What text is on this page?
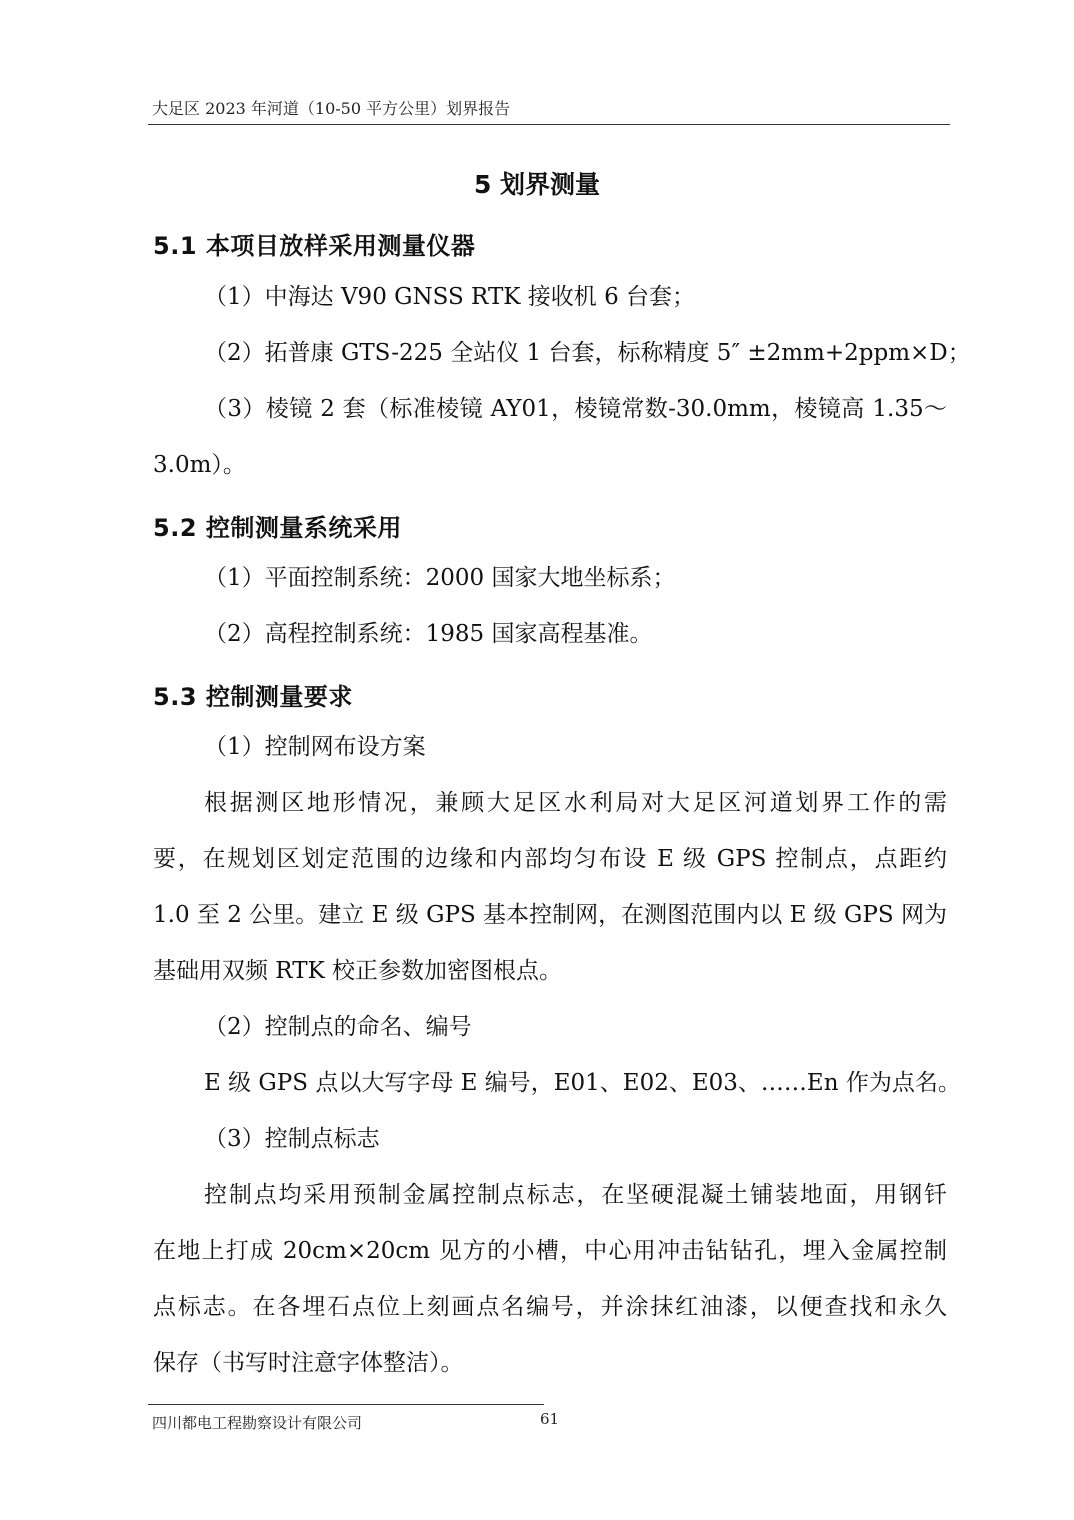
大足区 2023 年河道（10-50 平方公里）划界报告
5 划界测量
5.1 本项目放样采用测量仪器
（1）中海达 V90 GNSS RTK 接收机 6 台套；
（2）拓普康 GTS-225 全站仪 1 台套，标称精度 5″ ±2mm+2ppm×D；
（3）棱镜 2 套（标准棱镜 AY01，棱镜常数-30.0mm，棱镜高 1.35～
3.0m）。
5.2 控制测量系统采用
（1）平面控制系统：2000 国家大地坐标系；
（2）高程控制系统：1985 国家高程基准。
5.3 控制测量要求
（1）控制网布设方案
根据测区地形情况，兼顾大足区水利局对大足区河道划界工作的需
要，在规划区划定范围的边缘和内部均匀布设 E 级 GPS 控制点，点距约
1.0 至 2 公里。建立 E 级 GPS 基本控制网，在测图范围内以 E 级 GPS 网为
基础用双频 RTK 校正参数加密图根点。
（2）控制点的命名、编号
E 级 GPS 点以大写字母 E 编号，E01、E02、E03、……En 作为点名。
（3）控制点标志
控制点均采用预制金属控制点标志，在坚硬混凝土铺装地面，用钢钎
在地上打成 20cm×20cm 见方的小槽，中心用冲击钻钻孔，埋入金属控制
点标志。在各埋石点位上刻画点名编号，并涂抹红油漆，以便查找和永久
保存（书写时注意字体整洁）。
四川都电工程勘察设计有限公司	61
